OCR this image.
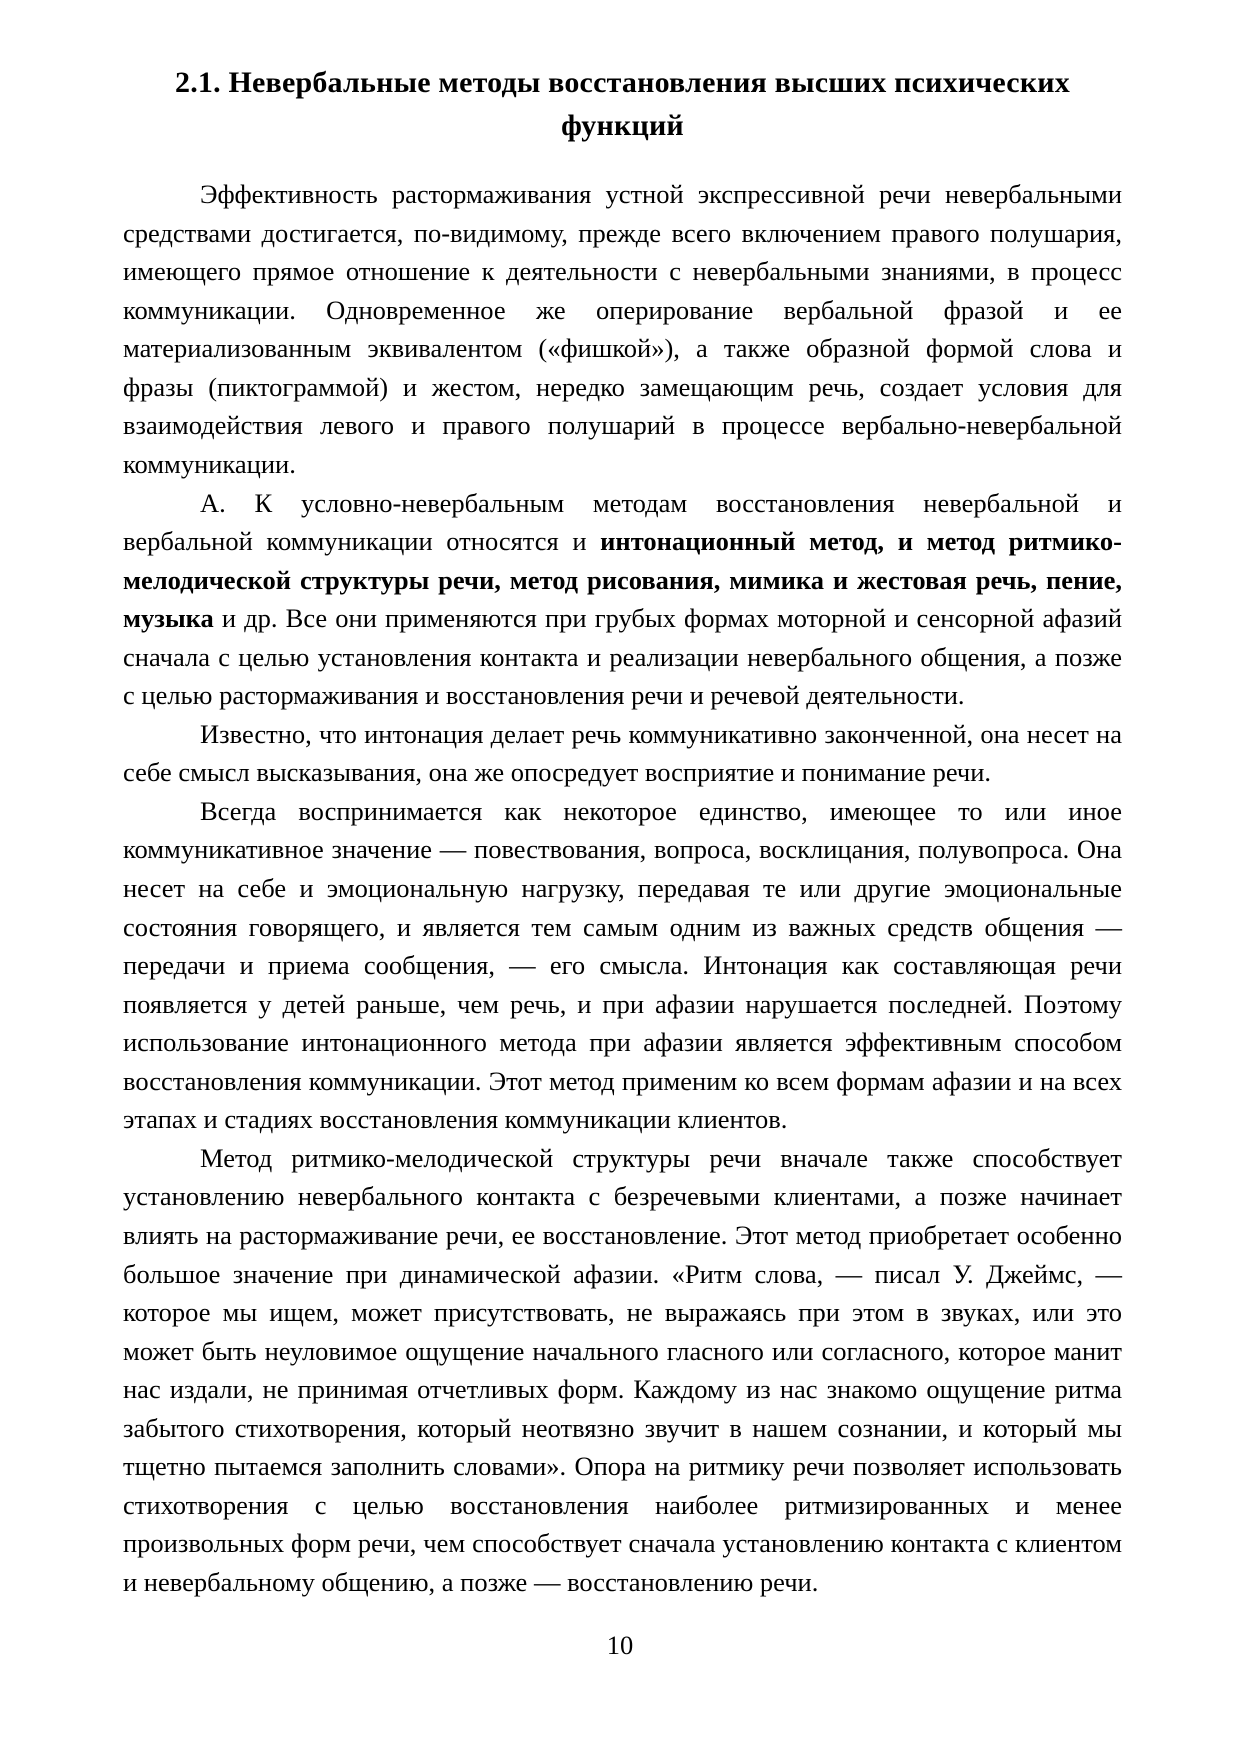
2.1. Невербальные методы восстановления высших психических функций

Эффективность растормаживания устной экспрессивной речи невербальными средствами достигается, по-видимому, прежде всего включением правого полушария, имеющего прямое отношение к деятельности с невербальными знаниями, в процесс коммуникации. Одновременное же оперирование вербальной фразой и ее материализованным эквивалентом («фишкой»), а также образной формой слова и фразы (пиктограммой) и жестом, нередко замещающим речь, создает условия для взаимодействия левого и правого полушарий в процессе вербально-невербальной коммуникации.

А. К условно-невербальным методам восстановления невербальной и вербальной коммуникации относятся и интонационный метод, и метод ритмико-мелодической структуры речи, метод рисования, мимика и жестовая речь, пение, музыка и др. Все они применяются при грубых формах моторной и сенсорной афазий сначала с целью установления контакта и реализации невербального общения, а позже с целью растормаживания и восстановления речи и речевой деятельности.

Известно, что интонация делает речь коммуникативно законченной, она несет на себе смысл высказывания, она же опосредует восприятие и понимание речи.

Всегда воспринимается как некоторое единство, имеющее то или иное коммуникативное значение — повествования, вопроса, восклицания, полувопроса. Она несет на себе и эмоциональную нагрузку, передавая те или другие эмоциональные состояния говорящего, и является тем самым одним из важных средств общения — передачи и приема сообщения, — его смысла. Интонация как составляющая речи появляется у детей раньше, чем речь, и при афазии нарушается последней. Поэтому использование интонационного метода при афазии является эффективным способом восстановления коммуникации. Этот метод применим ко всем формам афазии и на всех этапах и стадиях восстановления коммуникации клиентов.

Метод ритмико-мелодической структуры речи вначале также способствует установлению невербального контакта с безречевыми клиентами, а позже начинает влиять на растормаживание речи, ее восстановление. Этот метод приобретает особенно большое значение при динамической афазии. «Ритм слова, — писал У. Джеймс, — которое мы ищем, может присутствовать, не выражаясь при этом в звуках, или это может быть неуловимое ощущение начального гласного или согласного, которое манит нас издали, не принимая отчетливых форм. Каждому из нас знакомо ощущение ритма забытого стихотворения, который неотвязно звучит в нашем сознании, и который мы тщетно пытаемся заполнить словами». Опора на ритмику речи позволяет использовать стихотворения с целью восстановления наиболее ритмизированных и менее произвольных форм речи, чем способствует сначала установлению контакта с клиентом и невербальному общению, а позже — восстановлению речи.

10
